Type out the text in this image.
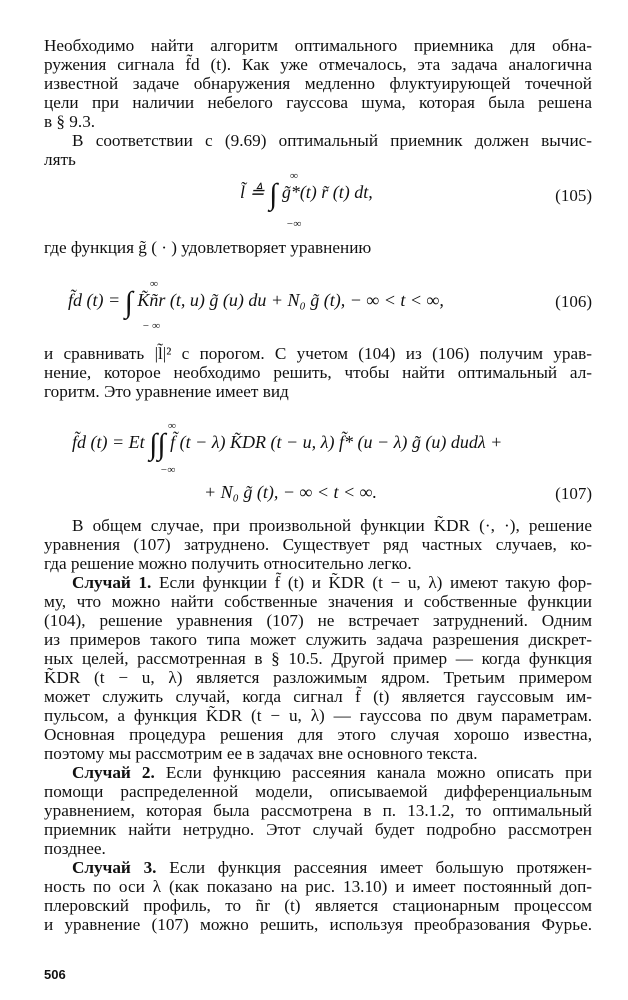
Необходимо найти алгоритм оптимального приемника для обна-
ружения сигнала f̃d (t). Как уже отмечалось, эта задача аналогична
известной задаче обнаружения медленно флуктуирующей точечной
цели при наличии небелого гауссова шума, которая была решена
в § 9.3.
В соответствии с (9.69) оптимальный приемник должен вычис-
лять
l̃ ≜ ∫ g̃*(t) r̃ (t) dt,
∞
−∞
(105)
где функция g̃ ( · ) удовлетворяет уравнению
f̃d (t) = ∫ K̃ñr (t, u) g̃ (u) du + N₀ g̃ (t), − ∞ < t < ∞,
∞
− ∞
(106)
и сравнивать |l̃|² с порогом. С учетом (104) из (106) получим урав-
нение, которое необходимо решить, чтобы найти оптимальный ал-
горитм. Это уравнение имеет вид
f̃d (t) = Et ∫∫ f̃ (t − λ) K̃DR (t − u, λ) f̃* (u − λ) g̃ (u) dudλ +
∞
−∞
+ N₀ g̃ (t), − ∞ < t < ∞.	(107)
В общем случае, при произвольной функции K̃DR (·, ·), решение
уравнения (107) затруднено. Существует ряд частных случаев, ко-
гда решение можно получить относительно легко.
Случай 1. Если функции f̃ (t) и K̃DR (t − u, λ) имеют такую фор-
му, что можно найти собственные значения и собственные функции
(104), решение уравнения (107) не встречает затруднений. Одним
из примеров такого типа может служить задача разрешения дискрет-
ных целей, рассмотренная в § 10.5. Другой пример — когда функция
K̃DR (t − u, λ) является разложимым ядром. Третьим примером
может служить случай, когда сигнал f̃ (t) является гауссовым им-
пульсом, а функция K̃DR (t − u, λ) — гауссова по двум параметрам.
Основная процедура решения для этого случая хорошо известна,
поэтому мы рассмотрим ее в задачах вне основного текста.
Случай 2. Если функцию рассеяния канала можно описать при
помощи распределенной модели, описываемой дифференциальным
уравнением, которая была рассмотрена в п. 13.1.2, то оптимальный
приемник найти нетрудно. Этот случай будет подробно рассмотрен
позднее.
Случай 3. Если функция рассеяния имеет большую протяжен-
ность по оси λ (как показано на рис. 13.10) и имеет постоянный доп-
плеровский профиль, то ñr (t) является стационарным процессом
и уравнение (107) можно решить, используя преобразования Фурье.
506
